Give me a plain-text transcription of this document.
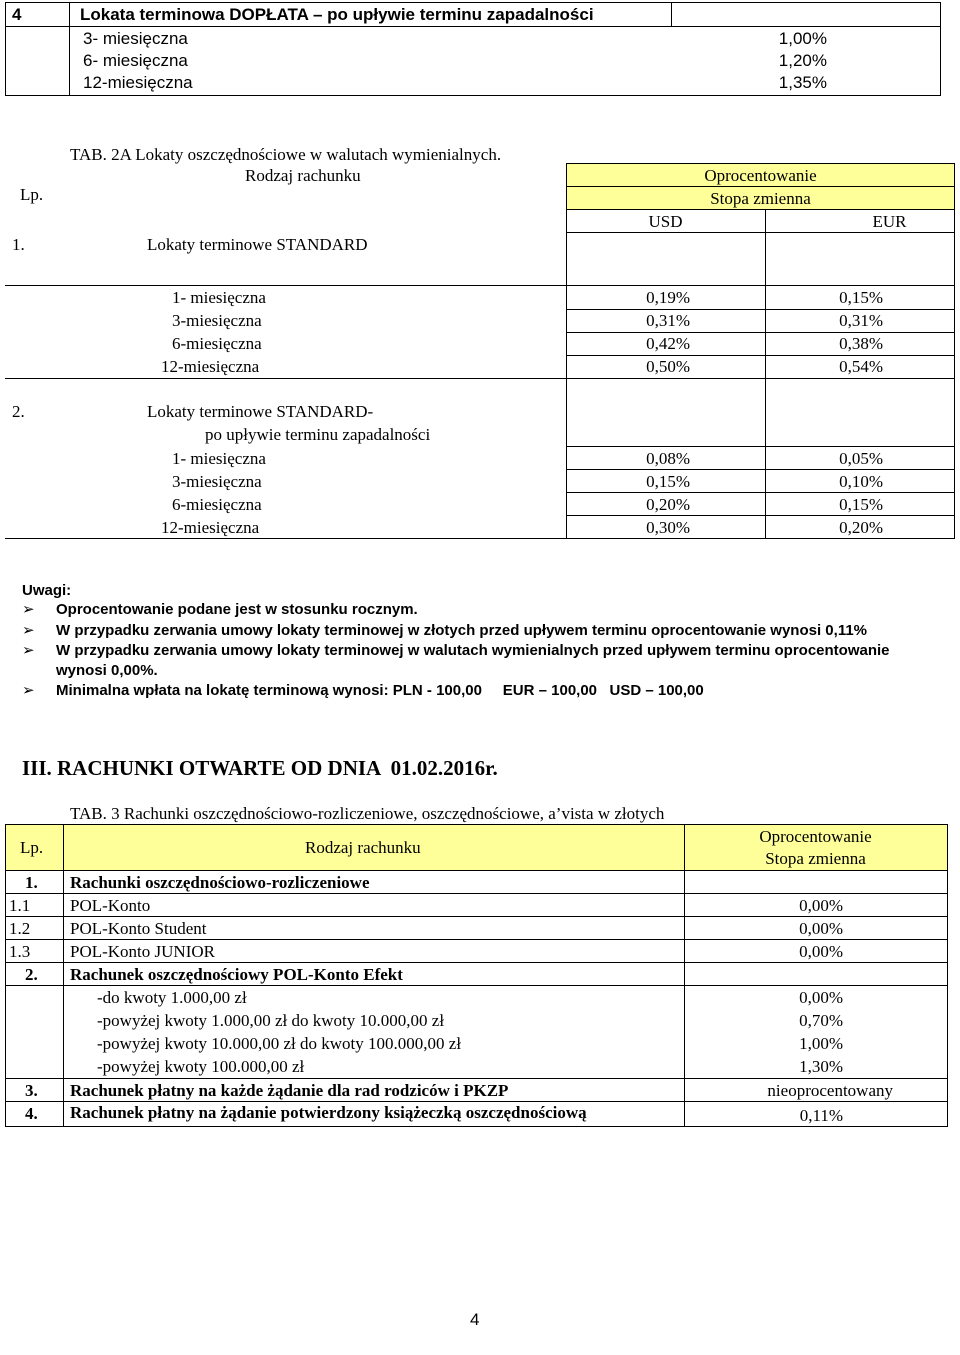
4	Lokata terminowa DOPŁATA – po upływie terminu zapadalności
3- miesięczna	1,00%
6- miesięczna	1,20%
12-miesięczna	1,35%
TAB. 2A Lokaty oszczędnościowe w walutach wymienialnych.
Lp.
Rodzaj rachunku	Oprocentowanie
Stopa zmienna
USD	EUR
1.	Lokaty terminowe STANDARD
1- miesięczna	0,19%	0,15%
3-miesięczna	0,31%	0,31%
6-miesięczna	0,42%	0,38%
12-miesięczna	0,50%	0,54%
2.	Lokaty terminowe STANDARD-
po upływie terminu zapadalności
1- miesięczna	0,08%	0,05%
3-miesięczna	0,15%	0,10%
6-miesięczna	0,20%	0,15%
12-miesięczna	0,30%	0,20%
Uwagi:
➢ Oprocentowanie podane jest w stosunku rocznym.
➢ W przypadku zerwania umowy lokaty terminowej w złotych przed upływem terminu oprocentowanie wynosi 0,11%
➢ W przypadku zerwania umowy lokaty terminowej w walutach wymienialnych przed upływem terminu oprocentowanie
wynosi 0,00%.
➢ Minimalna wpłata na lokatę terminową wynosi: PLN - 100,00     EUR – 100,00   USD – 100,00
III. RACHUNKI OTWARTE OD DNIA  01.02.2016r.
TAB. 3 Rachunki oszczędnościowo-rozliczeniowe, oszczędnościowe, a’vista w złotych
Lp.	Rodzaj rachunku
Oprocentowanie
Stopa zmienna
1. Rachunki oszczędnościowo-rozliczeniowe
1.1 POL-Konto	0,00%
1.2 POL-Konto Student	0,00%
1.3 POL-Konto JUNIOR	0,00%
2. Rachunek oszczędnościowy POL-Konto Efekt
-do kwoty 1.000,00 zł	0,00%
-powyżej kwoty 1.000,00 zł do kwoty 10.000,00 zł	0,70%
-powyżej kwoty 10.000,00 zł do kwoty 100.000,00 zł	1,00%
-powyżej kwoty 100.000,00 zł	1,30%
3. Rachunek płatny na każde żądanie dla rad rodziców i PKZP	nieoprocentowany
4. Rachunek płatny na żądanie potwierdzony książeczką oszczędnościową	0,11%
4
